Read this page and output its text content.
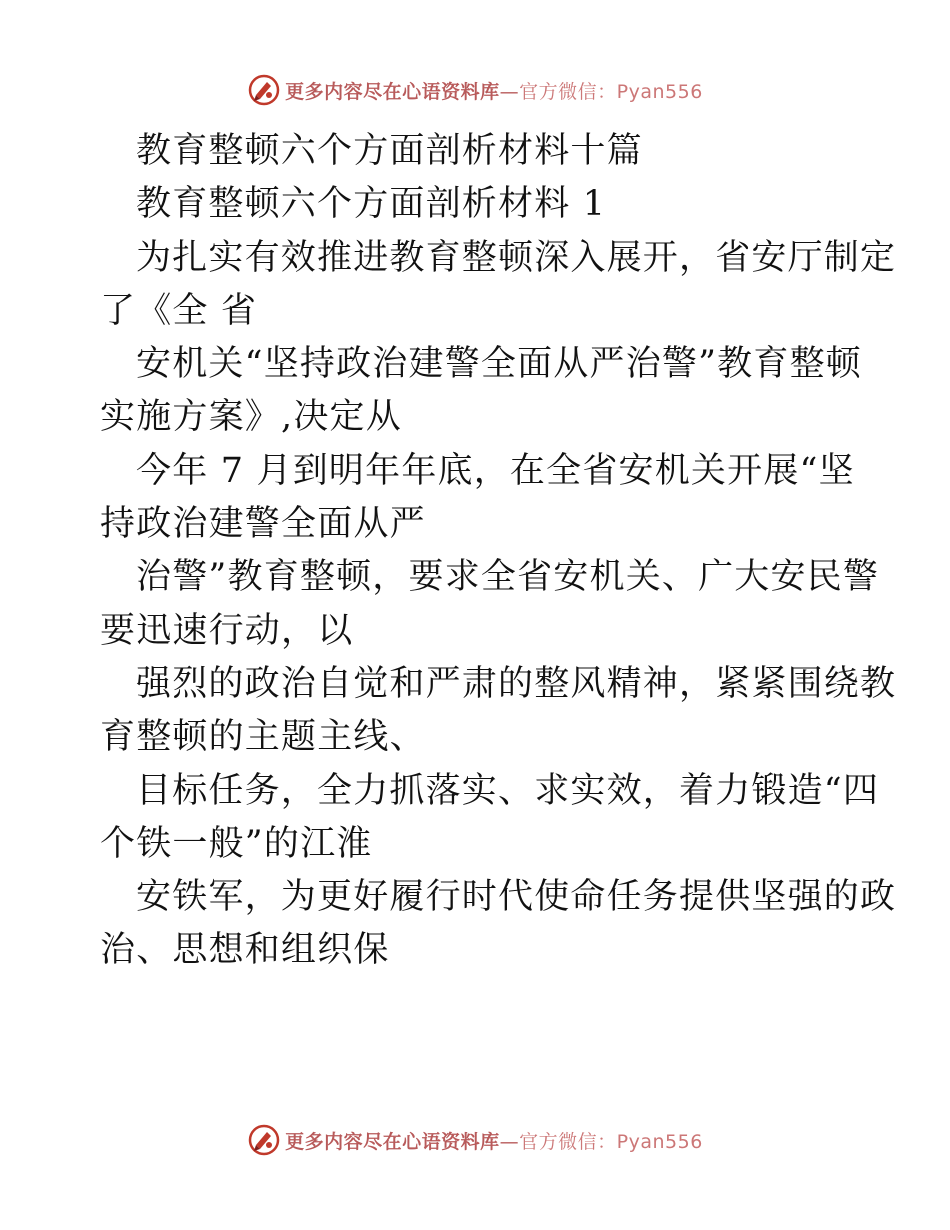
更多内容尽在心语资料库—官方微信：Pyan556
教育整顿六个方面剖析材料十篇
教育整顿六个方面剖析材料 1
为扎实有效推进教育整顿深入展开，省安厅制定
了《全 省
安机关“坚持政治建警全面从严治警”教育整顿
实施方案》,决定从
今年 7 月到明年年底，在全省安机关开展“坚
持政治建警全面从严
治警”教育整顿，要求全省安机关、广大安民警
要迅速行动，以
强烈的政治自觉和严肃的整风精神，紧紧围绕教
育整顿的主题主线、
目标任务，全力抓落实、求实效，着力锻造“四
个铁一般”的江淮
安铁军，为更好履行时代使命任务提供坚强的政
治、思想和组织保
更多内容尽在心语资料库—官方微信：Pyan556
